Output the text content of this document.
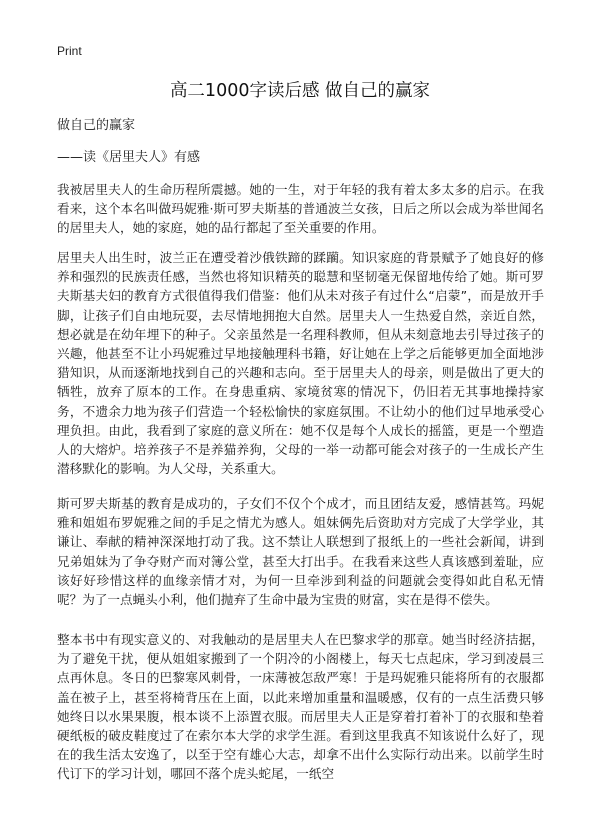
Print
高二1000字读后感 做自己的赢家
做自己的赢家
——读《居里夫人》有感

我被居里夫人的生命历程所震撼。她的一生，对于年轻的我有着太多太多的启示。在我看来，这个本名叫做玛妮雅·斯可罗夫斯基的普通波兰女孩，日后之所以会成为举世闻名的居里夫人，她的家庭，她的品行都起了至关重要的作用。

居里夫人出生时，波兰正在遭受着沙俄铁蹄的蹂躏。知识家庭的背景赋予了她良好的修养和强烈的民族责任感，当然也将知识精英的聪慧和坚韧毫无保留地传给了她。斯可罗夫斯基夫妇的教育方式很值得我们借鉴：他们从未对孩子有过什么“启蒙”，而是放开手脚，让孩子们自由地玩耍，去尽情地拥抱大自然。居里夫人一生热爱自然，亲近自然，想必就是在幼年埋下的种子。父亲虽然是一名理科教师，但从未刻意地去引导过孩子的兴趣，他甚至不让小玛妮雅过早地接触理科书籍，好让她在上学之后能够更加全面地涉猎知识，从而逐渐地找到自己的兴趣和志向。至于居里夫人的母亲，则是做出了更大的牺牲，放弃了原本的工作。在身患重病、家境贫寒的情况下，仍旧若无其事地操持家务，不遗余力地为孩子们营造一个轻松愉快的家庭氛围。不让幼小的他们过早地承受心理负担。由此，我看到了家庭的意义所在：她不仅是每个人成长的摇篮，更是一个塑造人的大熔炉。培养孩子不是养猫养狗，父母的一举一动都可能会对孩子的一生成长产生潜移默化的影响。为人父母，关系重大。

斯可罗夫斯基的教育是成功的，子女们不仅个个成才，而且团结友爱，感情甚笃。玛妮雅和姐姐布罗妮雅之间的手足之情尤为感人。姐妹俩先后资助对方完成了大学学业，其谦让、奉献的精神深深地打动了我。这不禁让人联想到了报纸上的一些社会新闻，讲到兄弟姐妹为了争夺财产而对簿公堂，甚至大打出手。在我看来这些人真该感到羞耻，应该好好珍惜这样的血缘亲情才对，为何一旦牵涉到利益的问题就会变得如此自私无情呢？为了一点蝇头小利，他们抛弃了生命中最为宝贵的财富，实在是得不偿失。

整本书中有现实意义的、对我触动的是居里夫人在巴黎求学的那章。她当时经济拮据，为了避免干扰，便从姐姐家搬到了一个阴冷的小阁楼上，每天七点起床，学习到凌晨三点再休息。冬日的巴黎寒风刺骨，一床薄被怎敌严寒！于是玛妮雅只能将所有的衣服都盖在被子上，甚至将椅背压在上面，以此来增加重量和温暖感，仅有的一点生活费只够她终日以水果果腹，根本谈不上添置衣服。而居里夫人正是穿着打着补丁的衣服和垫着硬纸板的破皮鞋度过了在索尔本大学的求学生涯。看到这里我真不知该说什么好了，现在的我生活太安逸了，以至于空有雄心大志，却拿不出什么实际行动出来。以前学生时代订下的学习计划，哪回不落个虎头蛇尾，一纸空
